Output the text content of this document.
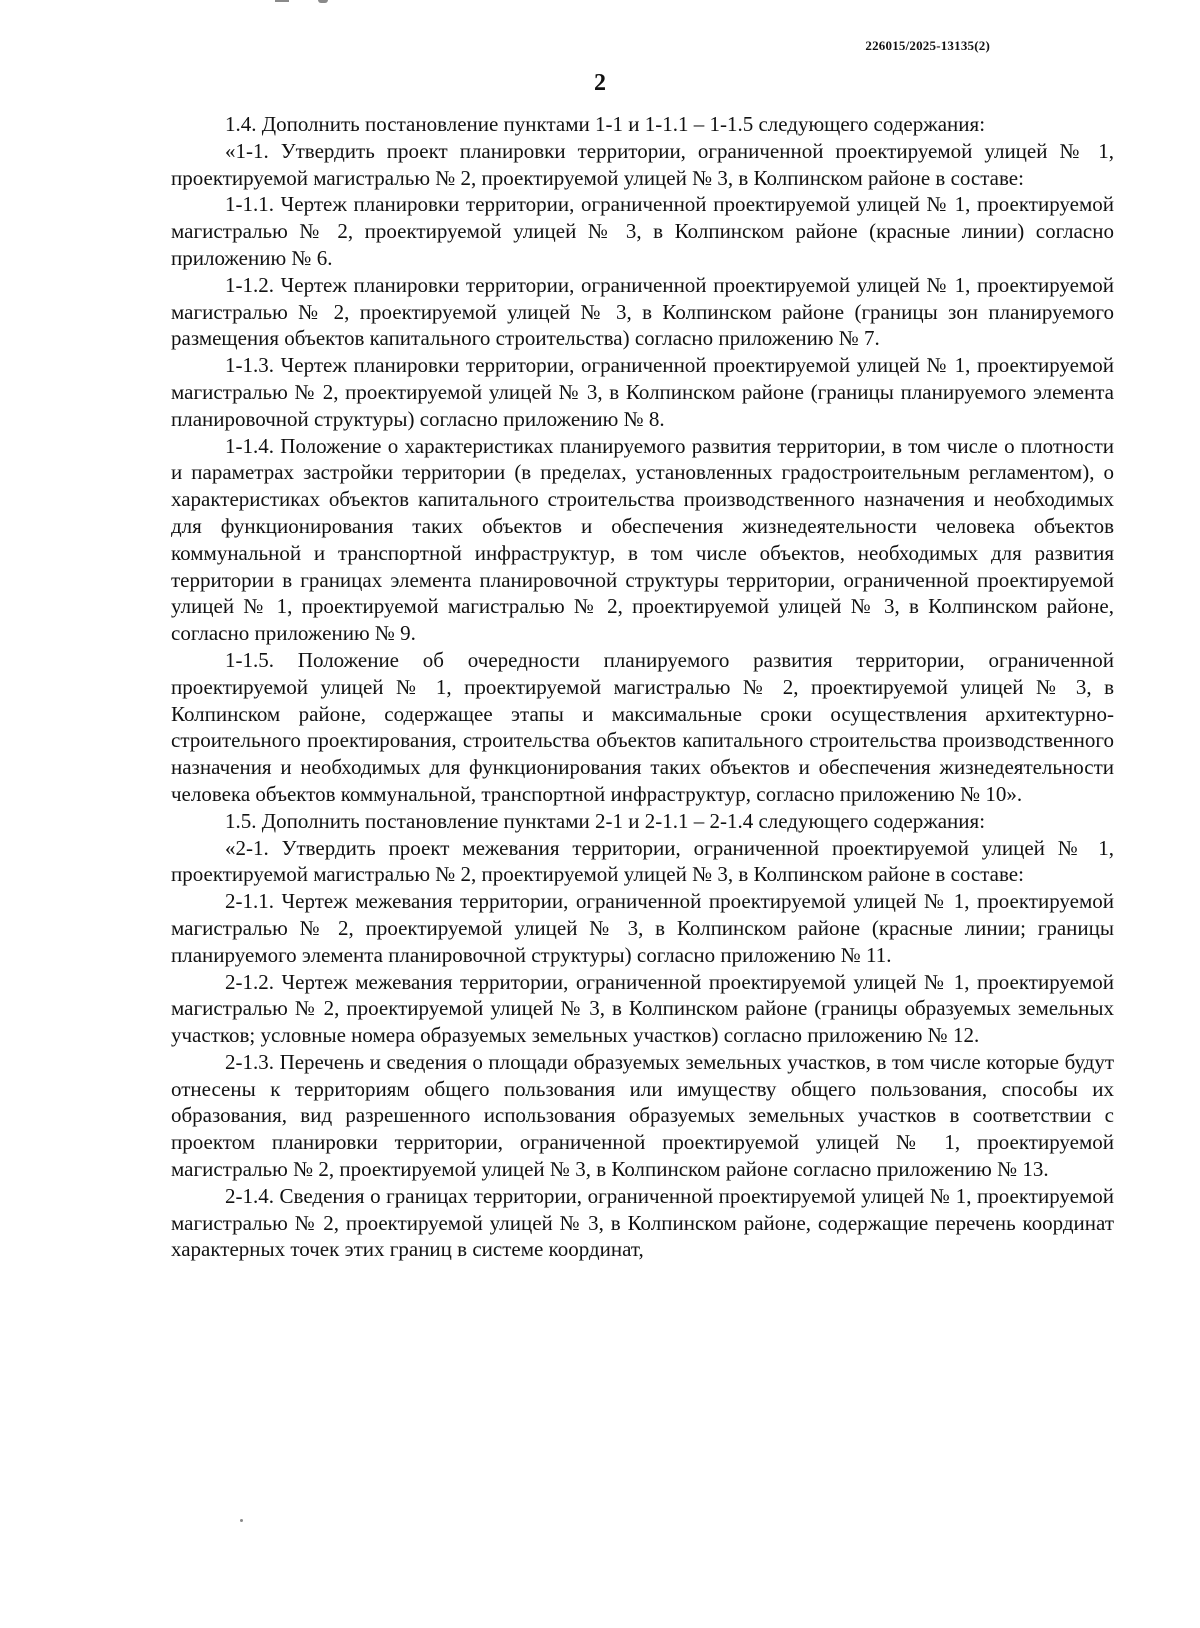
226015/2025-13135(2)

2

1.4. Дополнить постановление пунктами 1-1 и 1-1.1 – 1-1.5 следующего содержания:

«1-1. Утвердить проект планировки территории, ограниченной проектируемой улицей № 1, проектируемой магистралью № 2, проектируемой улицей № 3, в Колпинском районе в составе:

1-1.1. Чертеж планировки территории, ограниченной проектируемой улицей № 1, проектируемой магистралью № 2, проектируемой улицей № 3, в Колпинском районе (красные линии) согласно приложению № 6.

1-1.2. Чертеж планировки территории, ограниченной проектируемой улицей № 1, проектируемой магистралью № 2, проектируемой улицей № 3, в Колпинском районе (границы зон планируемого размещения объектов капитального строительства) согласно приложению № 7.

1-1.3. Чертеж планировки территории, ограниченной проектируемой улицей № 1, проектируемой магистралью № 2, проектируемой улицей № 3, в Колпинском районе (границы планируемого элемента планировочной структуры) согласно приложению № 8.

1-1.4. Положение о характеристиках планируемого развития территории, в том числе о плотности и параметрах застройки территории (в пределах, установленных градостроительным регламентом), о характеристиках объектов капитального строительства производственного назначения и необходимых для функционирования таких объектов и обеспечения жизнедеятельности человека объектов коммунальной и транспортной инфраструктур, в том числе объектов, необходимых для развития территории в границах элемента планировочной структуры территории, ограниченной проектируемой улицей № 1, проектируемой магистралью № 2, проектируемой улицей № 3, в Колпинском районе, согласно приложению № 9.

1-1.5. Положение об очередности планируемого развития территории, ограниченной проектируемой улицей № 1, проектируемой магистралью № 2, проектируемой улицей № 3, в Колпинском районе, содержащее этапы и максимальные сроки осуществления архитектурно-строительного проектирования, строительства объектов капитального строительства производственного назначения и необходимых для функционирования таких объектов и обеспечения жизнедеятельности человека объектов коммунальной, транспортной инфраструктур, согласно приложению № 10».

1.5. Дополнить постановление пунктами 2-1 и 2-1.1 – 2-1.4 следующего содержания:

«2-1. Утвердить проект межевания территории, ограниченной проектируемой улицей № 1, проектируемой магистралью № 2, проектируемой улицей № 3, в Колпинском районе в составе:

2-1.1. Чертеж межевания территории, ограниченной проектируемой улицей № 1, проектируемой магистралью № 2, проектируемой улицей № 3, в Колпинском районе (красные линии; границы планируемого элемента планировочной структуры) согласно приложению № 11.

2-1.2. Чертеж межевания территории, ограниченной проектируемой улицей № 1, проектируемой магистралью № 2, проектируемой улицей № 3, в Колпинском районе (границы образуемых земельных участков; условные номера образуемых земельных участков) согласно приложению № 12.

2-1.3. Перечень и сведения о площади образуемых земельных участков, в том числе которые будут отнесены к территориям общего пользования или имуществу общего пользования, способы их образования, вид разрешенного использования образуемых земельных участков в соответствии с проектом планировки территории, ограниченной проектируемой улицей № 1, проектируемой магистралью № 2, проектируемой улицей № 3, в Колпинском районе согласно приложению № 13.

2-1.4. Сведения о границах территории, ограниченной проектируемой улицей № 1, проектируемой магистралью № 2, проектируемой улицей № 3, в Колпинском районе, содержащие перечень координат характерных точек этих границ в системе координат,
